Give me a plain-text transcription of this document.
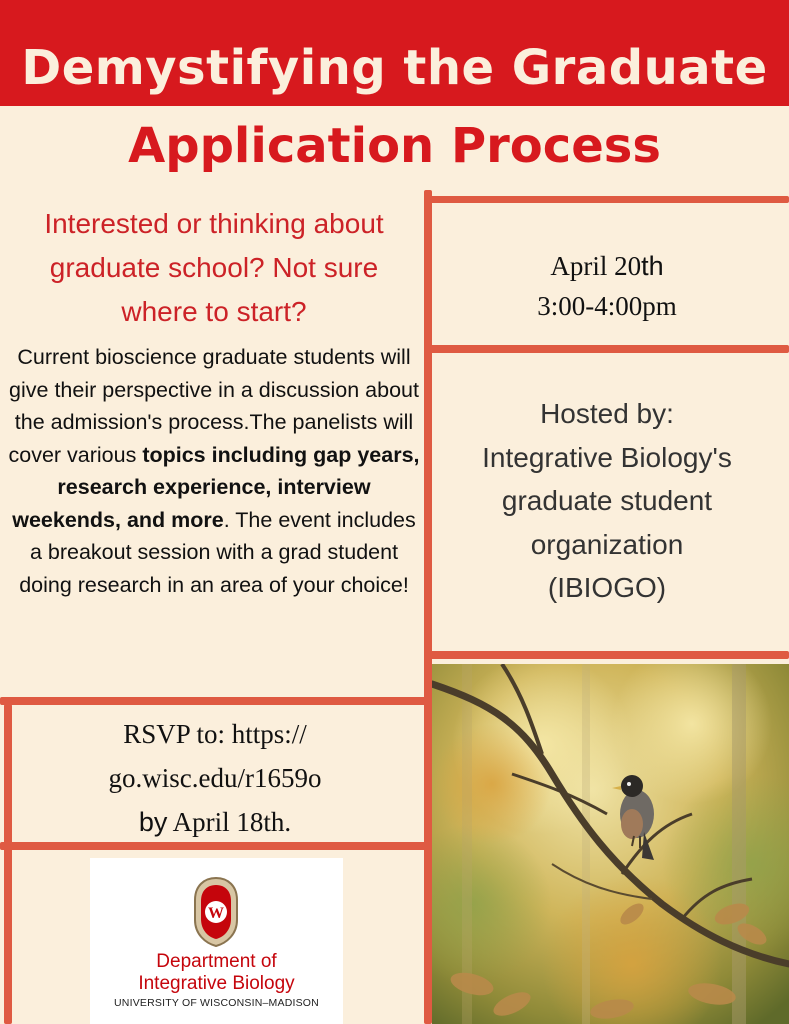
Demystifying the Graduate
Application Process
Interested or thinking about
graduate school? Not sure
where to start?
Current bioscience graduate students will give their perspective in a discussion about the admission's process.The panelists will cover various topics including gap years, research experience, interview weekends, and more. The event includes a breakout session with a grad student doing research in an area of your choice!
April 20th
3:00-4:00pm
Hosted by:
Integrative Biology's
graduate student
organization
(IBIOGO)
RSVP to: https://
go.wisc.edu/r1659o
by April 18th.
W
Department of
Integrative Biology
UNIVERSITY OF WISCONSIN–MADISON
